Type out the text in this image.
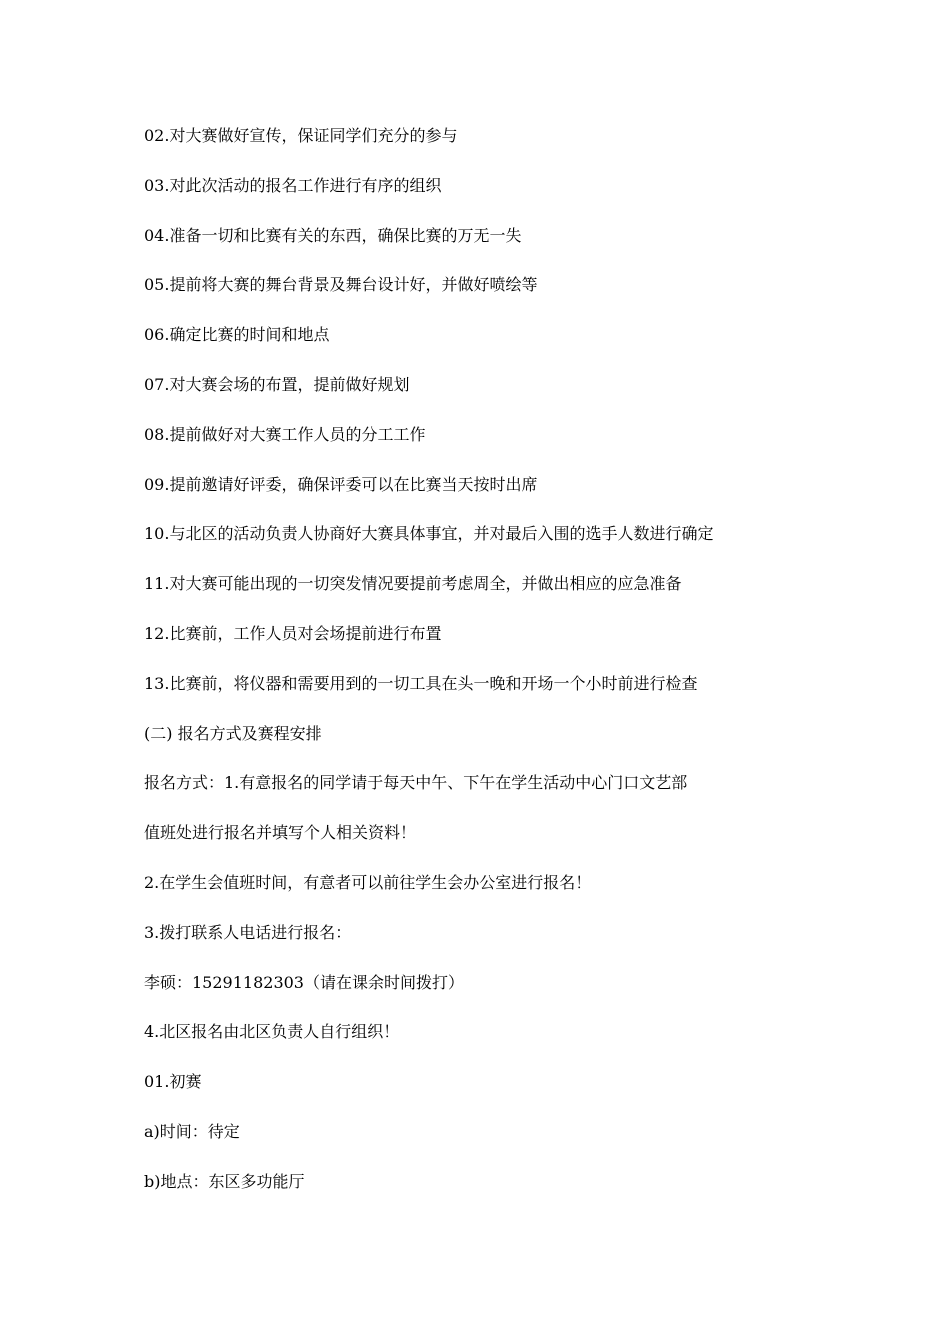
02.对大赛做好宣传，保证同学们充分的参与
03.对此次活动的报名工作进行有序的组织
04.准备一切和比赛有关的东西，确保比赛的万无一失
05.提前将大赛的舞台背景及舞台设计好，并做好喷绘等
06.确定比赛的时间和地点
07.对大赛会场的布置，提前做好规划
08.提前做好对大赛工作人员的分工工作
09.提前邀请好评委，确保评委可以在比赛当天按时出席
10.与北区的活动负责人协商好大赛具体事宜，并对最后入围的选手人数进行确定
11.对大赛可能出现的一切突发情况要提前考虑周全，并做出相应的应急准备
12.比赛前，工作人员对会场提前进行布置
13.比赛前，将仪器和需要用到的一切工具在头一晚和开场一个小时前进行检查
(二) 报名方式及赛程安排
报名方式：1.有意报名的同学请于每天中午、下午在学生活动中心门口文艺部
值班处进行报名并填写个人相关资料！
2.在学生会值班时间，有意者可以前往学生会办公室进行报名！
3.拨打联系人电话进行报名：
李硕：15291182303（请在课余时间拨打）
4.北区报名由北区负责人自行组织！
01.初赛
a)时间：待定
b)地点：东区多功能厅
